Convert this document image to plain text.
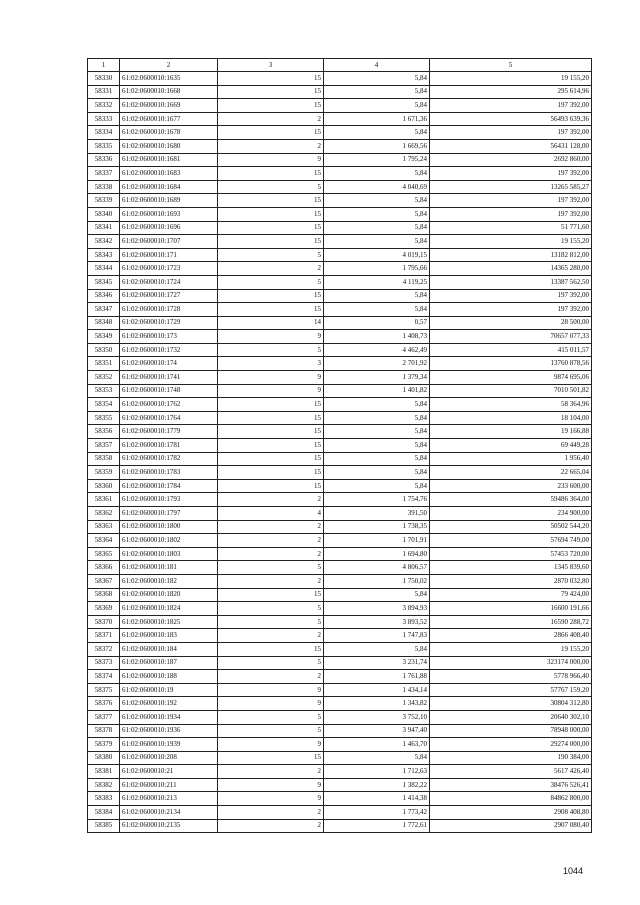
1	2	3	4	5
58330	61:02:0600010:1635	15	5,84	19 155,20
58331	61:02:0600010:1668	15	5,84	295 614,96
58332	61:02:0600010:1669	15	5,84	197 392,00
58333	61:02:0600010:1677	2	1 671,36	56493 639,36
58334	61:02:0600010:1678	15	5,84	197 392,00
58335	61:02:0600010:1680	2	1 669,56	56431 128,00
58336	61:02:0600010:1681	9	1 795,24	2692 860,00
58337	61:02:0600010:1683	15	5,84	197 392,00
58338	61:02:0600010:1684	5	4 040,69	13265 585,27
58339	61:02:0600010:1689	15	5,84	197 392,00
58340	61:02:0600010:1693	15	5,84	197 392,00
58341	61:02:0600010:1696	15	5,84	51 771,60
58342	61:02:0600010:1707	15	5,84	19 155,20
58343	61:02:0600010:171	5	4 019,15	13182 812,00
58344	61:02:0600010:1723	2	1 795,66	14365 280,00
58345	61:02:0600010:1724	5	4 119,25	13387 562,50
58346	61:02:0600010:1727	15	5,84	197 392,00
58347	61:02:0600010:1728	15	5,84	197 392,00
58348	61:02:0600010:1729	14	0,57	28 500,00
58349	61:02:0600010:173	9	1 408,73	70657 077,33
58350	61:02:0600010:1732	5	4 462,49	415 011,57
58351	61:02:0600010:174	3	2 701,92	13760 878,56
58352	61:02:0600010:1741	9	1 379,34	9874 695,06
58353	61:02:0600010:1748	9	1 401,82	7010 501,82
58354	61:02:0600010:1762	15	5,84	58 364,96
58355	61:02:0600010:1764	15	5,84	18 104,00
58356	61:02:0600010:1779	15	5,84	19 166,88
58357	61:02:0600010:1781	15	5,84	69 449,28
58358	61:02:0600010:1782	15	5,84	1 956,40
58359	61:02:0600010:1783	15	5,84	22 665,04
58360	61:02:0600010:1784	15	5,84	233 600,00
58361	61:02:0600010:1793	2	1 754,76	59486 364,00
58362	61:02:0600010:1797	4	391,50	234 900,00
58363	61:02:0600010:1800	2	1 738,35	50502 544,20
58364	61:02:0600010:1802	2	1 701,91	57694 749,00
58365	61:02:0600010:1803	2	1 694,80	57453 720,00
58366	61:02:0600010:181	5	4 806,57	1345 839,60
58367	61:02:0600010:182	2	1 750,02	2870 032,80
58368	61:02:0600010:1820	15	5,84	79 424,00
58369	61:02:0600010:1824	5	3 894,93	16600 191,66
58370	61:02:0600010:1825	5	3 893,52	16590 288,72
58371	61:02:0600010:183	2	1 747,83	2866 408,40
58372	61:02:0600010:184	15	5,84	19 155,20
58373	61:02:0600010:187	5	3 231,74	323174 000,00
58374	61:02:0600010:188	2	1 761,88	5778 966,40
58375	61:02:0600010:19	9	1 434,14	57767 159,20
58376	61:02:0600010:192	9	1 343,82	30804 312,80
58377	61:02:0600010:1934	5	3 752,10	20640 302,10
58378	61:02:0600010:1936	5	3 947,40	78948 000,00
58379	61:02:0600010:1939	9	1 463,70	29274 000,00
58380	61:02:0600010:208	15	5,84	190 384,00
58381	61:02:0600010:21	2	1 712,63	5617 426,40
58382	61:02:0600010:211	9	1 382,22	38476 526,41
58383	61:02:0600010:213	9	1 414,38	84862 800,00
58384	61:02:0600010:2134	2	1 773,42	2908 408,80
58385	61:02:0600010:2135	2	1 772,61	2907 080,40
1044
